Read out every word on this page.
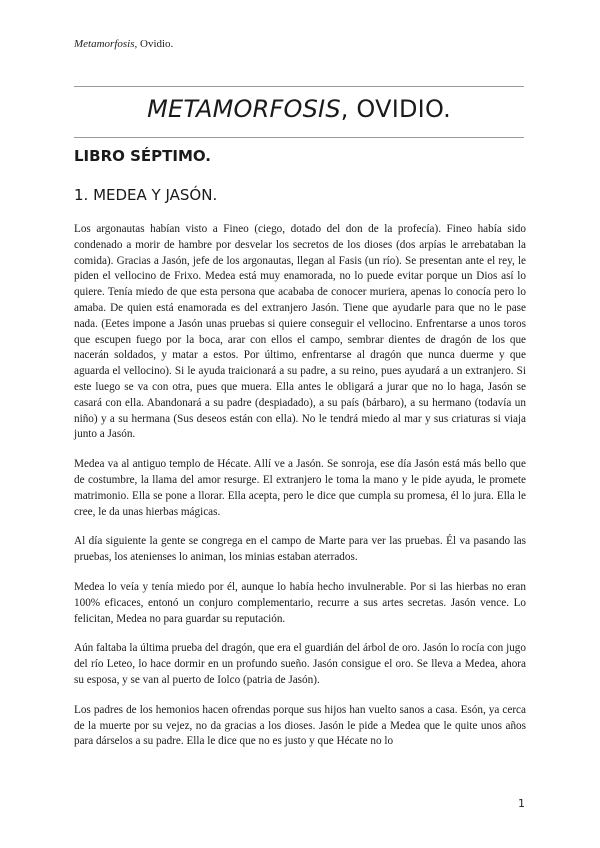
Metamorfosis, Ovidio.
METAMORFOSIS, OVIDIO.
LIBRO SÉPTIMO.
1. MEDEA Y JASÓN.

Los argonautas habían visto a Fineo (ciego, dotado del don de la profecía). Fineo había sido condenado a morir de hambre por desvelar los secretos de los dioses (dos arpías le arrebataban la comida). Gracias a Jasón, jefe de los argonautas, llegan al Fasis (un río). Se presentan ante el rey, le piden el vellocino de Frixo. Medea está muy enamorada, no lo puede evitar porque un Dios así lo quiere. Tenía miedo de que esta persona que acababa de conocer muriera, apenas lo conocía pero lo amaba. De quien está enamorada es del extranjero Jasón. Tiene que ayudarle para que no le pase nada. (Eetes impone a Jasón unas pruebas si quiere conseguir el vellocino. Enfrentarse a unos toros que escupen fuego por la boca, arar con ellos el campo, sembrar dientes de dragón de los que nacerán soldados, y matar a estos. Por último, enfrentarse al dragón que nunca duerme y que aguarda el vellocino). Si le ayuda traicionará a su padre, a su reino, pues ayudará a un extranjero. Si este luego se va con otra, pues que muera. Ella antes le obligará a jurar que no lo haga, Jasón se casará con ella. Abandonará a su padre (despiadado), a su país (bárbaro), a su hermano (todavía un niño) y a su hermana (Sus deseos están con ella). No le tendrá miedo al mar y sus criaturas si viaja junto a Jasón.

Medea va al antiguo templo de Hécate. Allí ve a Jasón. Se sonroja, ese día Jasón está más bello que de costumbre, la llama del amor resurge. El extranjero le toma la mano y le pide ayuda, le promete matrimonio. Ella se pone a llorar. Ella acepta, pero le dice que cumpla su promesa, él lo jura. Ella le cree, le da unas hierbas mágicas.

Al día siguiente la gente se congrega en el campo de Marte para ver las pruebas. Él va pasando las pruebas, los atenienses lo animan, los minias estaban aterrados.

Medea lo veía y tenía miedo por él, aunque lo había hecho invulnerable. Por si las hierbas no eran 100% eficaces, entonó un conjuro complementario, recurre a sus artes secretas. Jasón vence. Lo felicitan, Medea no para guardar su reputación.

Aún faltaba la última prueba del dragón, que era el guardián del árbol de oro. Jasón lo rocía con jugo del río Leteo, lo hace dormir en un profundo sueño. Jasón consigue el oro. Se lleva a Medea, ahora su esposa, y se van al puerto de Iolco (patria de Jasón).

Los padres de los hemonios hacen ofrendas porque sus hijos han vuelto sanos a casa. Esón, ya cerca de la muerte por su vejez, no da gracias a los dioses. Jasón le pide a Medea que le quite unos años para dárselos a su padre. Ella le dice que no es justo y que Hécate no lo

1
